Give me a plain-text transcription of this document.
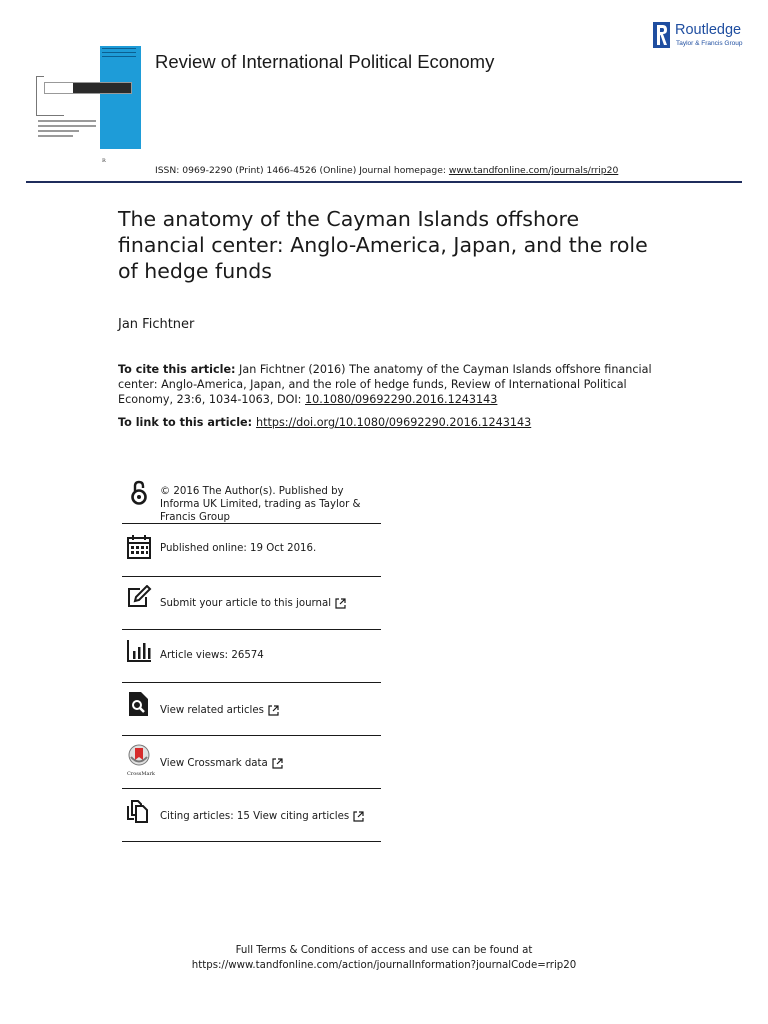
R
Review of International Political Economy
Routledge
Taylor & Francis Group
ISSN: 0969-2290 (Print) 1466-4526 (Online) Journal homepage: www.tandfonline.com/journals/rrip20
The anatomy of the Cayman Islands offshore financial center: Anglo-America, Japan, and the role of hedge funds
Jan Fichtner
To cite this article: Jan Fichtner (2016) The anatomy of the Cayman Islands offshore financial center: Anglo-America, Japan, and the role of hedge funds, Review of International Political Economy, 23:6, 1034-1063, DOI: 10.1080/09692290.2016.1243143
To link to this article: https://doi.org/10.1080/09692290.2016.1243143
© 2016 The Author(s). Published by Informa UK Limited, trading as Taylor & Francis Group
Published online: 19 Oct 2016.
Submit your article to this journal
Article views: 26574
View related articles
CrossMark
View Crossmark data
Citing articles: 15 View citing articles
Full Terms & Conditions of access and use can be found at
https://www.tandfonline.com/action/journalInformation?journalCode=rrip20
